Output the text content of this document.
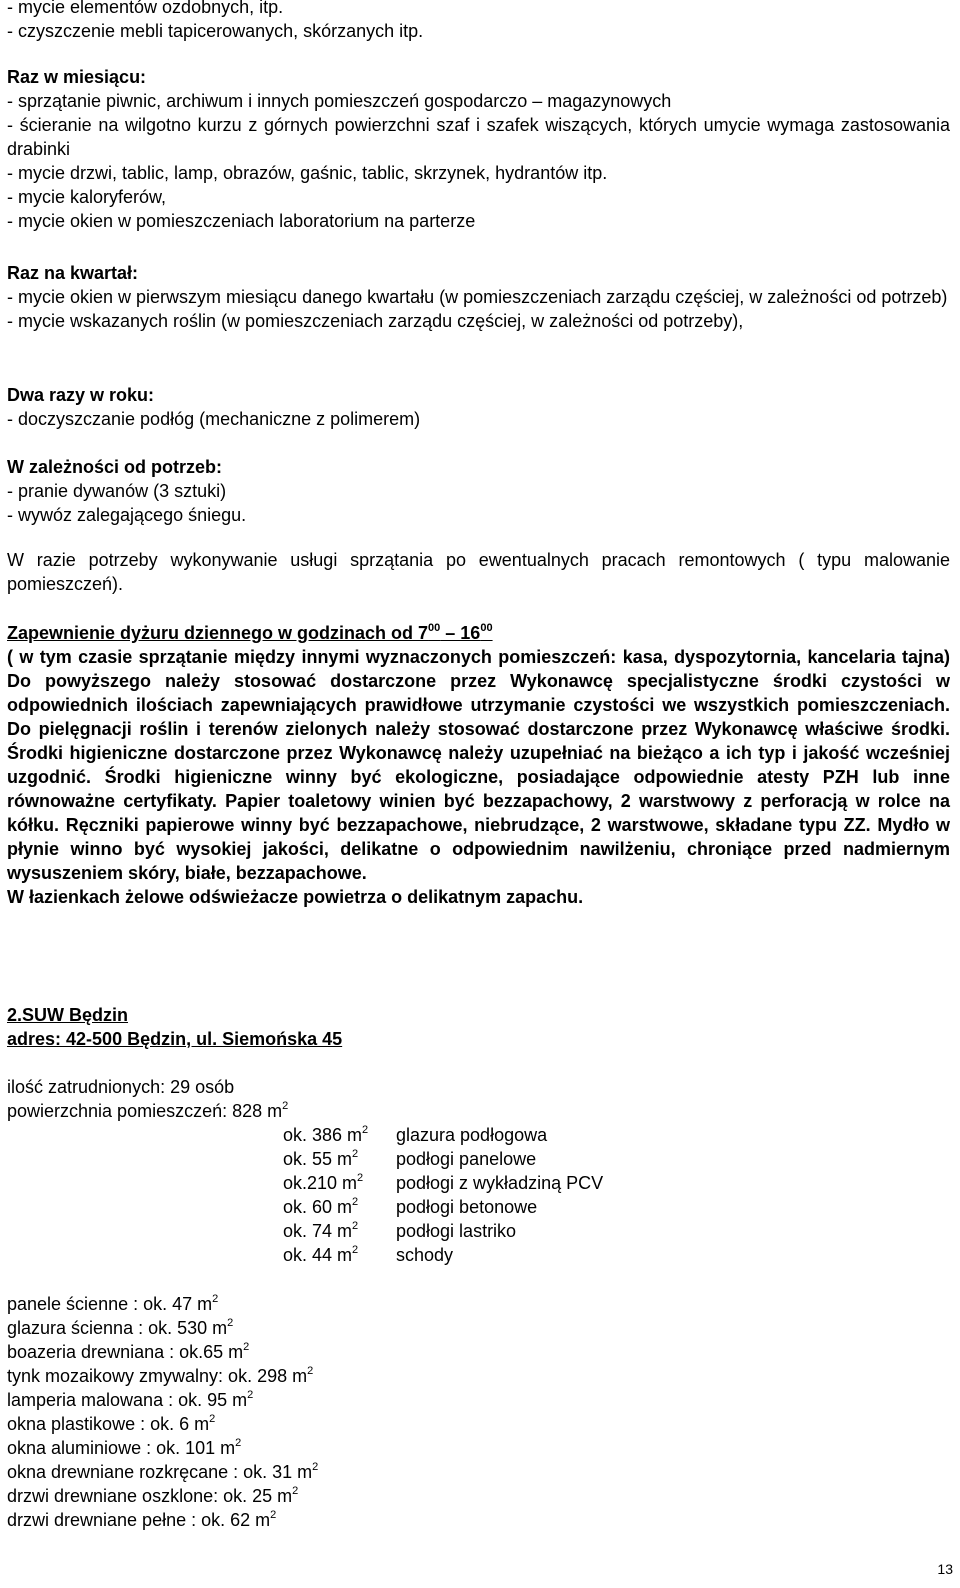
- mycie elementów ozdobnych, itp.

- czyszczenie mebli tapicerowanych, skórzanych itp.

Raz w miesiącu:

- sprzątanie piwnic, archiwum i innych pomieszczeń gospodarczo – magazynowych

- ścieranie na wilgotno kurzu z górnych powierzchni szaf i szafek wiszących, których umycie wymaga zastosowania drabinki

- mycie drzwi, tablic, lamp, obrazów, gaśnic, tablic, skrzynek, hydrantów itp.

- mycie kaloryferów,

- mycie okien w pomieszczeniach laboratorium na parterze

Raz na kwartał:

- mycie okien w pierwszym miesiącu danego kwartału (w pomieszczeniach zarządu częściej, w zależności od potrzeb)

- mycie wskazanych roślin (w pomieszczeniach zarządu częściej, w zależności od potrzeby),

Dwa razy w roku:

- doczyszczanie podłóg (mechaniczne z polimerem)

W zależności od potrzeb:

- pranie dywanów (3 sztuki)

- wywóz zalegającego śniegu.

W razie potrzeby wykonywanie usługi sprzątania po ewentualnych pracach remontowych ( typu malowanie pomieszczeń).

Zapewnienie dyżuru dziennego w godzinach od $7^{00} - 16^{00}$

( w tym czasie sprzątanie między innymi wyznaczonych pomieszczeń: kasa, dyspozytornia, kancelaria tajna) Do powyższego należy stosować dostarczone przez Wykonawcę specjalistyczne środki czystości w odpowiednich ilościach zapewniających prawidłowe utrzymanie czystości we wszystkich pomieszczeniach. Do pielęgnacji roślin i terenów zielonych należy stosować dostarczone przez Wykonawcę właściwe środki. Środki higieniczne dostarczone przez Wykonawcę należy uzupełniać na bieżąco a ich typ i jakość wcześniej uzgodnić. Środki higieniczne winny być ekologiczne, posiadające odpowiednie atesty PZH lub inne równoważne certyfikaty. Papier toaletowy winien być bezzapachowy, 2 warstwowy z perforacją w rolce na kółku. Ręczniki papierowe winny być bezzapachowe, niebrudzące, 2 warstwowe, składane typu ZZ. Mydło w płynie winno być wysokiej jakości, delikatne o odpowiednim nawilżeniu, chroniące przed nadmiernym wysuszeniem skóry, białe, bezzapachowe.

W łazienkach żelowe odświeżacze powietrza o delikatnym zapachu.

2.SUW Będzin

adres: 42-500 Będzin, ul. Siemońska 45

ilość zatrudnionych: 29 osób

powierzchnia pomieszczeń: 828 $m^2$

ok. 386 $m^2$	glazura podłogowa
ok. 55 $m^2$	podłogi panelowe
ok.210 $m^2$	podłogi z wykładziną PCV
ok. 60 $m^2$	podłogi betonowe
ok. 74 $m^2$	podłogi lastriko
ok. 44 $m^2$	schody

panele ścienne : ok. 47 $m^2$

glazura ścienna : ok. 530 $m^2$

boazeria drewniana : ok.65 $m^2$

tynk mozaikowy zmywalny: ok. 298 $m^2$

lamperia malowana : ok. 95 $m^2$

okna plastikowe : ok. 6 $m^2$

okna aluminiowe : ok. 101 $m^2$

okna drewniane rozkręcane : ok. 31 $m^2$

drzwi drewniane oszklone: ok. 25 $m^2$

drzwi drewniane pełne : ok. 62 $m^2$

13
